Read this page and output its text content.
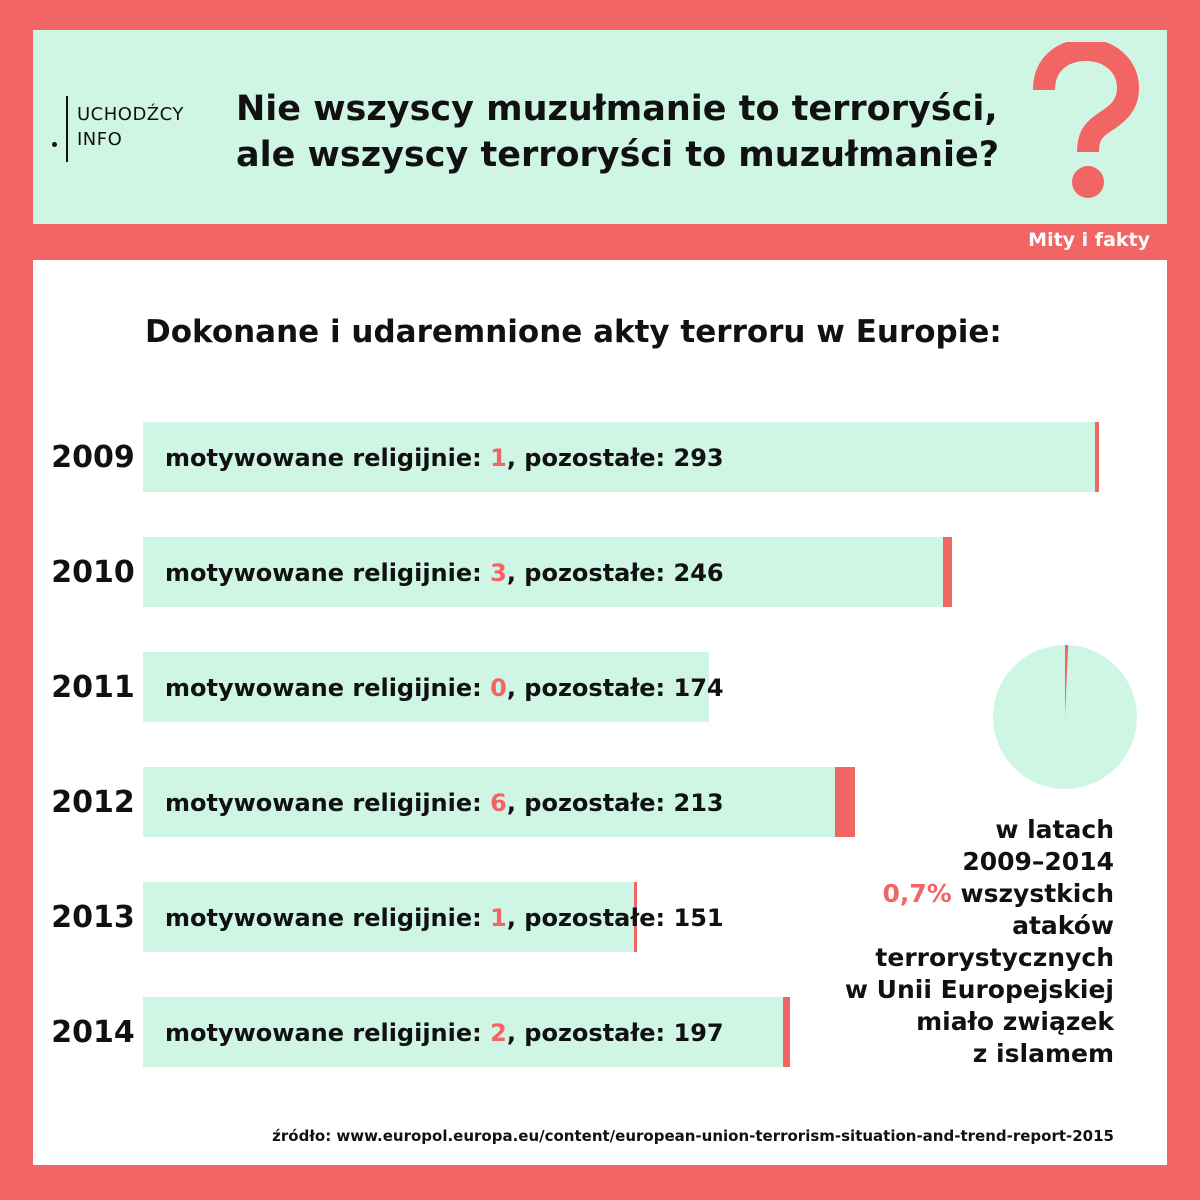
UCHODŹCY
INFO
Nie wszyscy muzułmanie to terroryści,
ale wszyscy terroryści to muzułmanie?
Mity i fakty
Dokonane i udaremnione akty terroru w Europie:
2009	motywowane religijnie: 1, pozostałe: 293
2010	motywowane religijnie: 3, pozostałe: 246
2011	motywowane religijnie: 0, pozostałe: 174
2012	motywowane religijnie: 6, pozostałe: 213
2013	motywowane religijnie: 1, pozostałe: 151
2014	motywowane religijnie: 2, pozostałe: 197
w latach
2009–2014
0,7% wszystkich
ataków
terrorystycznych
w Unii Europejskiej
miało związek
z islamem
źródło: www.europol.europa.eu/content/european-union-terrorism-situation-and-trend-report-2015
